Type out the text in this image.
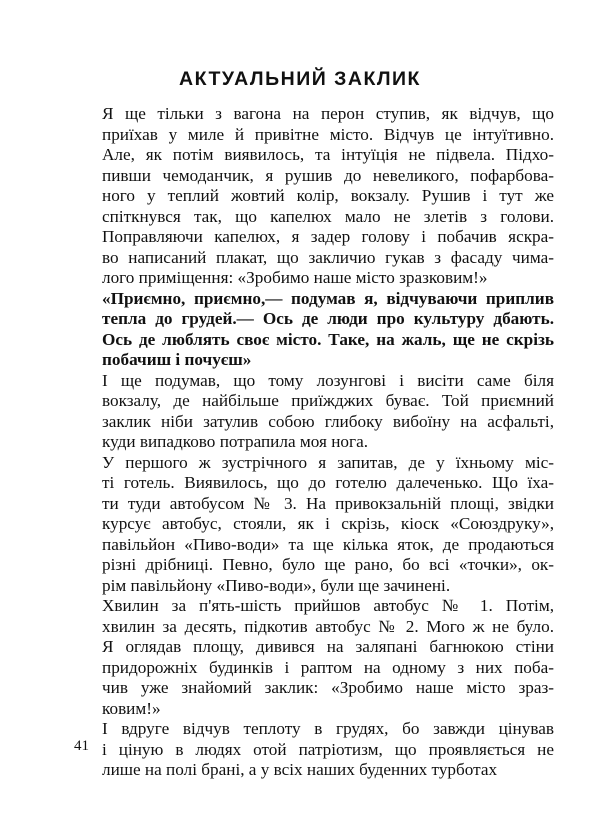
АКТУАЛЬНИЙ ЗАКЛИК

Я ще тільки з вагона на перон ступив, як відчув, що
приїхав у миле й привітне місто. Відчув це інтуїтивно.
Але, як потім виявилось, та інтуїція не підвела. Підхо-
пивши чемоданчик, я рушив до невеликого, пофарбова-
ного у теплий жовтий колір, вокзалу. Рушив і тут же
спіткнувся так, що капелюх мало не злетів з голови.
Поправляючи капелюх, я задер голову і побачив яскра-
во написаний плакат, що закличио гукав з фасаду чима-
лого приміщення: «Зробимо наше місто зразковим!»

«Приємно, приємно,— подумав я, відчуваючи приплив
тепла до грудей.— Ось де люди про культуру дбають.
Ось де люблять своє місто. Таке, на жаль, ще не скрізь
побачиш і почуєш»

І ще подумав, що тому лозунгові і висіти саме біля
вокзалу, де найбільше приїжджих буває. Той приємний
заклик ніби затулив собою глибоку вибоїну на асфальті,
куди випадково потрапила моя нога.

У першого ж зустрічного я запитав, де у їхньому міс-
ті готель. Виявилось, що до готелю далеченько. Що їха-
ти туди автобусом № 3. На привокзальній площі, звідки
курсує автобус, стояли, як і скрізь, кіоск «Союздруку»,
павільйон «Пиво-води» та ще кілька яток, де продаються
різні дрібниці. Певно, було ще рано, бо всі «точки», ок-
рім павільйону «Пиво-води», були ще зачинені.

Хвилин за п'ять-шість прийшов автобус № 1. Потім,
хвилин за десять, підкотив автобус № 2. Мого ж не було.
Я оглядав площу, дивився на заляпані багнюкою стіни
придорожніх будинків і раптом на одному з них поба-
чив уже знайомий заклик: «Зробимо наше місто зраз-
ковим!»

І вдруге відчув теплоту в грудях, бо завжди цінував
і ціную в людях отой патріотизм, що проявляється не
лише на полі брані, а у всіх наших буденних турботах

41
